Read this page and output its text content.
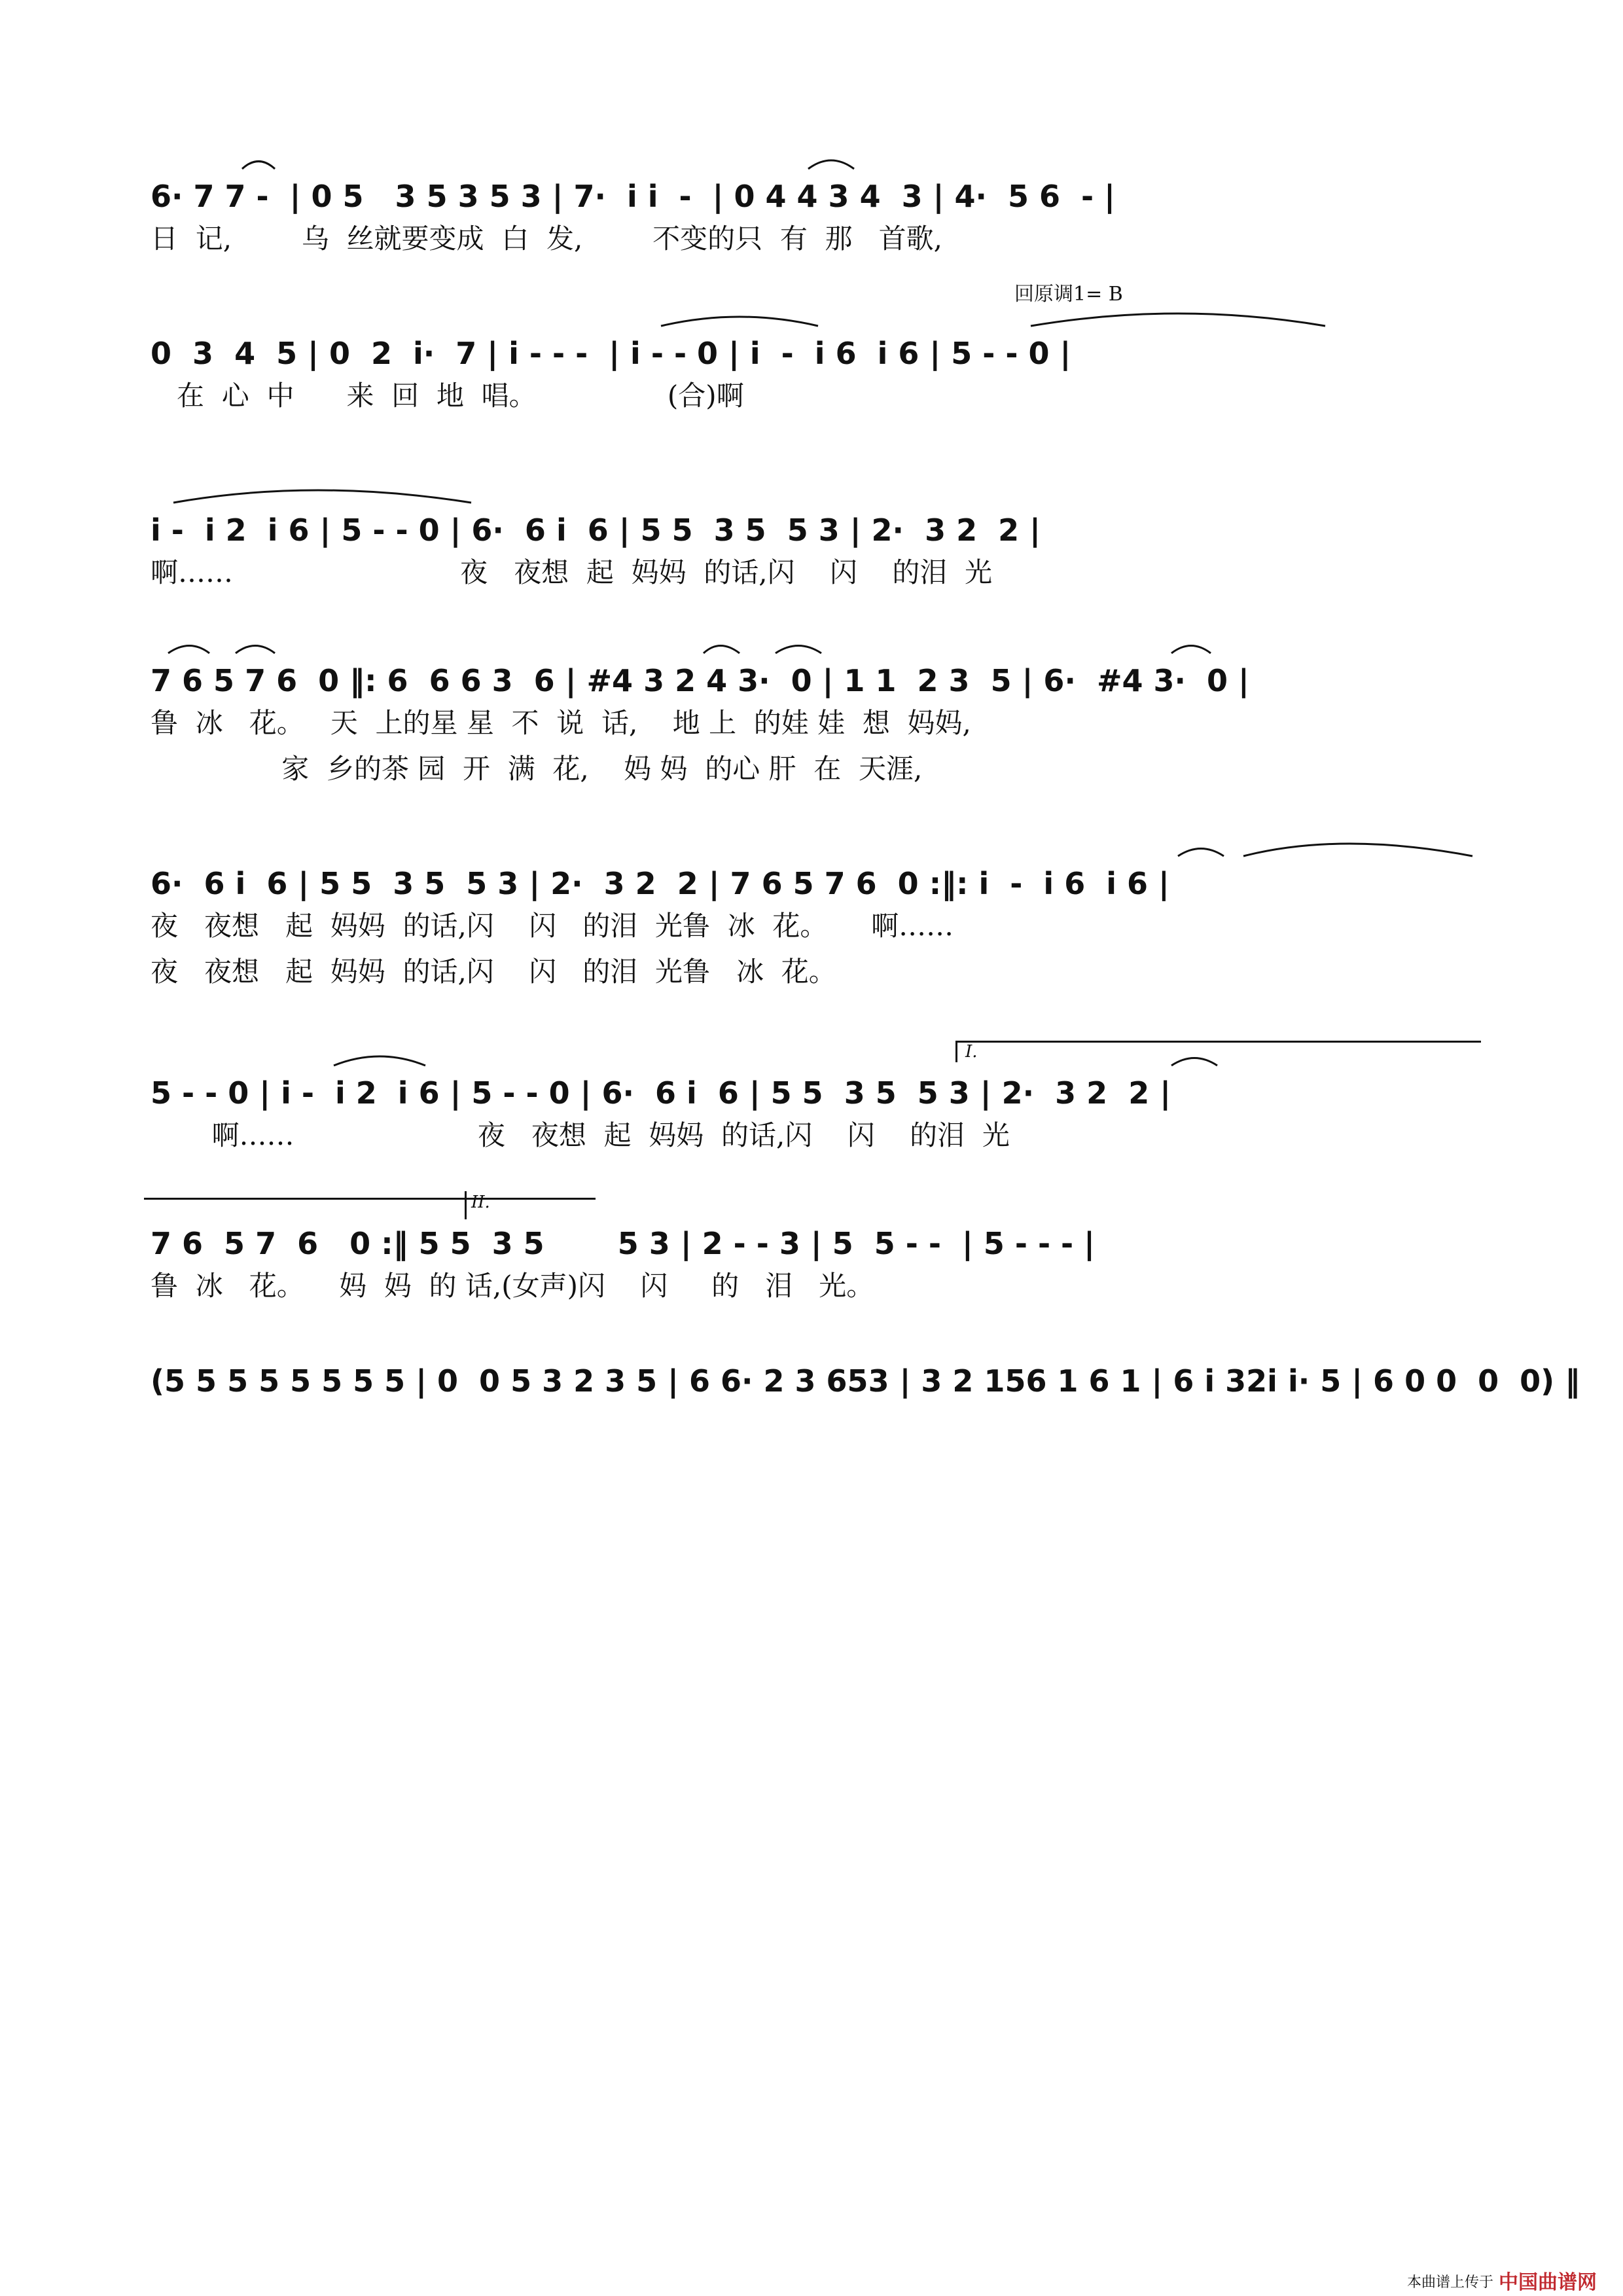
6· 7 7 -  | 0 5   3 5 3 5 3 | 7·  i i  -  | 0 4 4 3 4  3 | 4·  5 6  - |
日  记,        乌  丝就要变成  白  发,        不变的只  有  那   首歌,
回原调1= B
0  3  4  5 | 0  2  i·  7 | i - - -  | i - - 0 | i  -  i 6  i 6 | 5 - - 0 |
在  心  中      来  回  地  唱。               (合)啊
i -  i 2  i 6 | 5 - - 0 | 6·  6 i  6 | 5 5  3 5  5 3 | 2·  3 2  2 |
啊……                          夜   夜想  起  妈妈  的话,闪    闪    的泪  光
7 6 5 7 6  0 ‖: 6  6 6 3  6 | #4 3 2 4 3·  0 | 1 1  2 3  5 | 6·  #4 3·  0 |
鲁  冰   花。   天  上的星 星  不  说  话,    地 上  的娃 娃  想  妈妈,
家  乡的茶 园  开  满  花,    妈 妈  的心 肝  在  天涯,
6·  6 i  6 | 5 5  3 5  5 3 | 2·  3 2  2 | 7 6 5 7 6  0 :‖: i  -  i 6  i 6 |
夜   夜想   起  妈妈  的话,闪    闪   的泪  光鲁  冰  花。     啊……
夜   夜想   起  妈妈  的话,闪    闪   的泪  光鲁   冰  花。
I.
5 - - 0 | i -  i 2  i 6 | 5 - - 0 | 6·  6 i  6 | 5 5  3 5  5 3 | 2·  3 2  2 |
啊……                     夜   夜想  起  妈妈  的话,闪    闪    的泪  光
II.
7 6  5 7  6   0 :‖ 5 5  3 5       5 3 | 2 - - 3 | 5  5 - -  | 5 - - - |
鲁  冰   花。    妈  妈  的 话,(女声)闪    闪     的   泪   光。
(5 5 5 5 5 5 5 5 | 0  0 5 3 2 3 5 | 6 6· 2 3 653 | 3 2 156 1 6 1 | 6 i 32i i· 5 | 6 0 0  0  0) ‖
本曲谱上传于 中国曲谱网
